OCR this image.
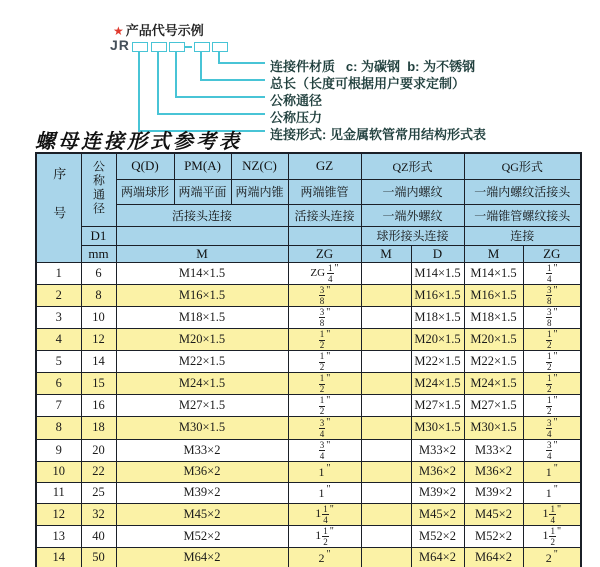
★ 产品代号示例
JR
连接形式: 见金属软管常用结构形式表
公称压力
公称通径
总长（长度可根据用户要求定制）
连接件材质   c: 为碳钢  b: 为不锈钢
螺母连接形式参考表
序号	公称通径	Q(D)	PM(A)	NZ(C)	GZ	QZ形式		QG形式	
		两端球形	两端平面	两端内锥	两端锥管	一端内螺纹		一端内螺纹活接头	
		活接头连接			活接头连接	一端外螺纹		一端锥管螺纹接头	
	D1					球形接头连接		连接	
	mm	M			ZG	M	D	M	ZG
1	6	M14×1.5			ZG $\frac{1}{4} ^"$		M14×1.5	M14×1.5	$\frac{1}{4} ^"$
2	8	M16×1.5			$\frac{3}{8} ^"$		M16×1.5	M16×1.5	$\frac{3}{8} ^"$
3	10	M18×1.5			$\frac{3}{8} ^"$		M18×1.5	M18×1.5	$\frac{3}{8} ^"$
4	12	M20×1.5			$\frac{1}{2} ^"$		M20×1.5	M20×1.5	$\frac{1}{2} ^"$
5	14	M22×1.5			$\frac{1}{2} ^"$		M22×1.5	M22×1.5	$\frac{1}{2} ^"$
6	15	M24×1.5			$\frac{1}{2} ^"$		M24×1.5	M24×1.5	$\frac{1}{2} ^"$
7	16	M27×1.5			$\frac{1}{2} ^"$		M27×1.5	M27×1.5	$\frac{1}{2} ^"$
8	18	M30×1.5			$\frac{3}{4} ^"$		M30×1.5	M30×1.5	$\frac{3}{4} ^"$
9	20	M33×2			$\frac{3}{4} ^"$		M33×2	M33×2	$\frac{3}{4} ^"$
10	22	M36×2			1 "		M36×2	M36×2	1 "
11	25	M39×2			1 "		M39×2	M39×2	1 "
12	32	M45×2			$1 \frac{1}{4} ^"$		M45×2	M45×2	$1 \frac{1}{4} ^"$
13	40	M52×2			$1 \frac{1}{2} ^"$		M52×2	M52×2	$1 \frac{1}{2} ^"$
14	50	M64×2			2 "		M64×2	M64×2	2 "
